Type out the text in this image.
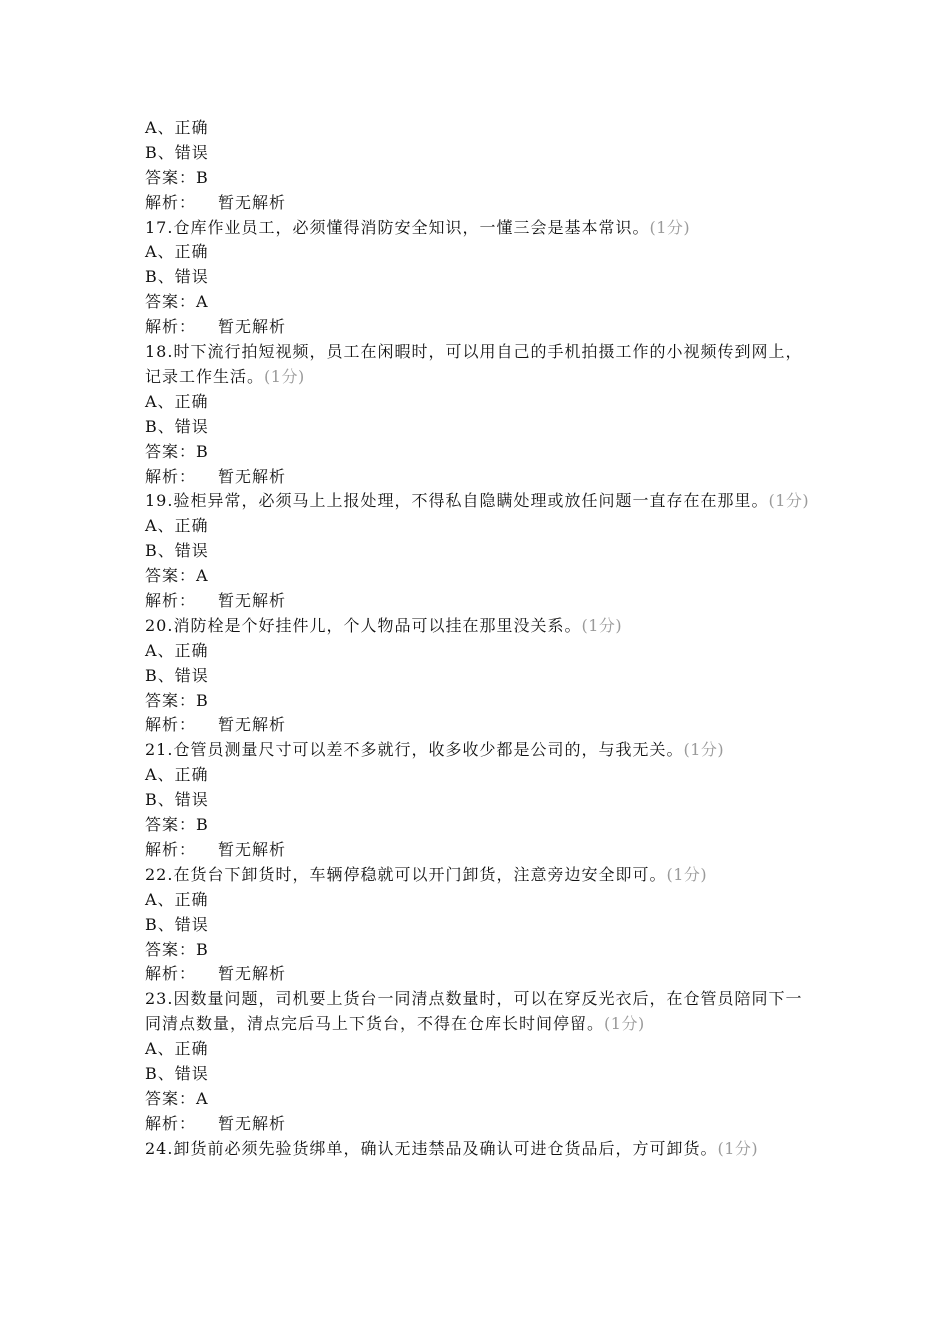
A、正确
B、错误
答案：B
解析： 暂无解析
17.仓库作业员工，必须懂得消防安全知识，一懂三会是基本常识。(1分)
A、正确
B、错误
答案：A
解析： 暂无解析
18.时下流行拍短视频，员工在闲暇时，可以用自己的手机拍摄工作的小视频传到网上，记录工作生活。(1分)
A、正确
B、错误
答案：B
解析： 暂无解析
19.验柜异常，必须马上上报处理，不得私自隐瞒处理或放任问题一直存在在那里。(1分)
A、正确
B、错误
答案：A
解析： 暂无解析
20.消防栓是个好挂件儿，个人物品可以挂在那里没关系。(1分)
A、正确
B、错误
答案：B
解析： 暂无解析
21.仓管员测量尺寸可以差不多就行，收多收少都是公司的，与我无关。(1分)
A、正确
B、错误
答案：B
解析： 暂无解析
22.在货台下卸货时，车辆停稳就可以开门卸货，注意旁边安全即可。(1分)
A、正确
B、错误
答案：B
解析： 暂无解析
23.因数量问题，司机要上货台一同清点数量时，可以在穿反光衣后，在仓管员陪同下一同清点数量，清点完后马上下货台，不得在仓库长时间停留。(1分)
A、正确
B、错误
答案：A
解析： 暂无解析
24.卸货前必须先验货绑单，确认无违禁品及确认可进仓货品后，方可卸货。(1分)
